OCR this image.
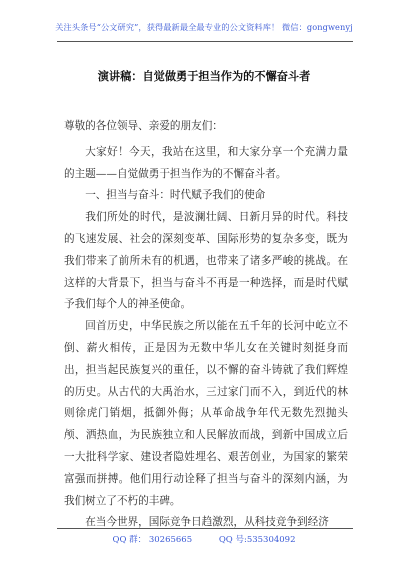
关注头条号“公文研究”，获得最新最全最专业的公文资料库！ 微信：gongwenyj
演讲稿：自觉做勇于担当作为的不懈奋斗者

尊敬的各位领导、亲爱的朋友们：

大家好！今天，我站在这里，和大家分享一个充满力量的主题——自觉做勇于担当作为的不懈奋斗者。

一、担当与奋斗：时代赋予我们的使命

我们所处的时代，是波澜壮阔、日新月异的时代。科技的飞速发展、社会的深刻变革、国际形势的复杂多变，既为我们带来了前所未有的机遇，也带来了诸多严峻的挑战。在这样的大背景下，担当与奋斗不再是一种选择，而是时代赋予我们每个人的神圣使命。

回首历史，中华民族之所以能在五千年的长河中屹立不倒、薪火相传，正是因为无数中华儿女在关键时刻挺身而出，担当起民族复兴的重任，以不懈的奋斗铸就了我们辉煌的历史。从古代的大禹治水，三过家门而不入，到近代的林则徐虎门销烟，抵御外侮；从革命战争年代无数先烈抛头颅、洒热血，为民族独立和人民解放而战，到新中国成立后一大批科学家、建设者隐姓埋名、艰苦创业，为国家的繁荣富强而拼搏。他们用行动诠释了担当与奋斗的深刻内涵，为我们树立了不朽的丰碑。

在当今世界，国际竞争日趋激烈，从科技竞争到经济

QQ 群： 30265665	QQ 号:535304092
